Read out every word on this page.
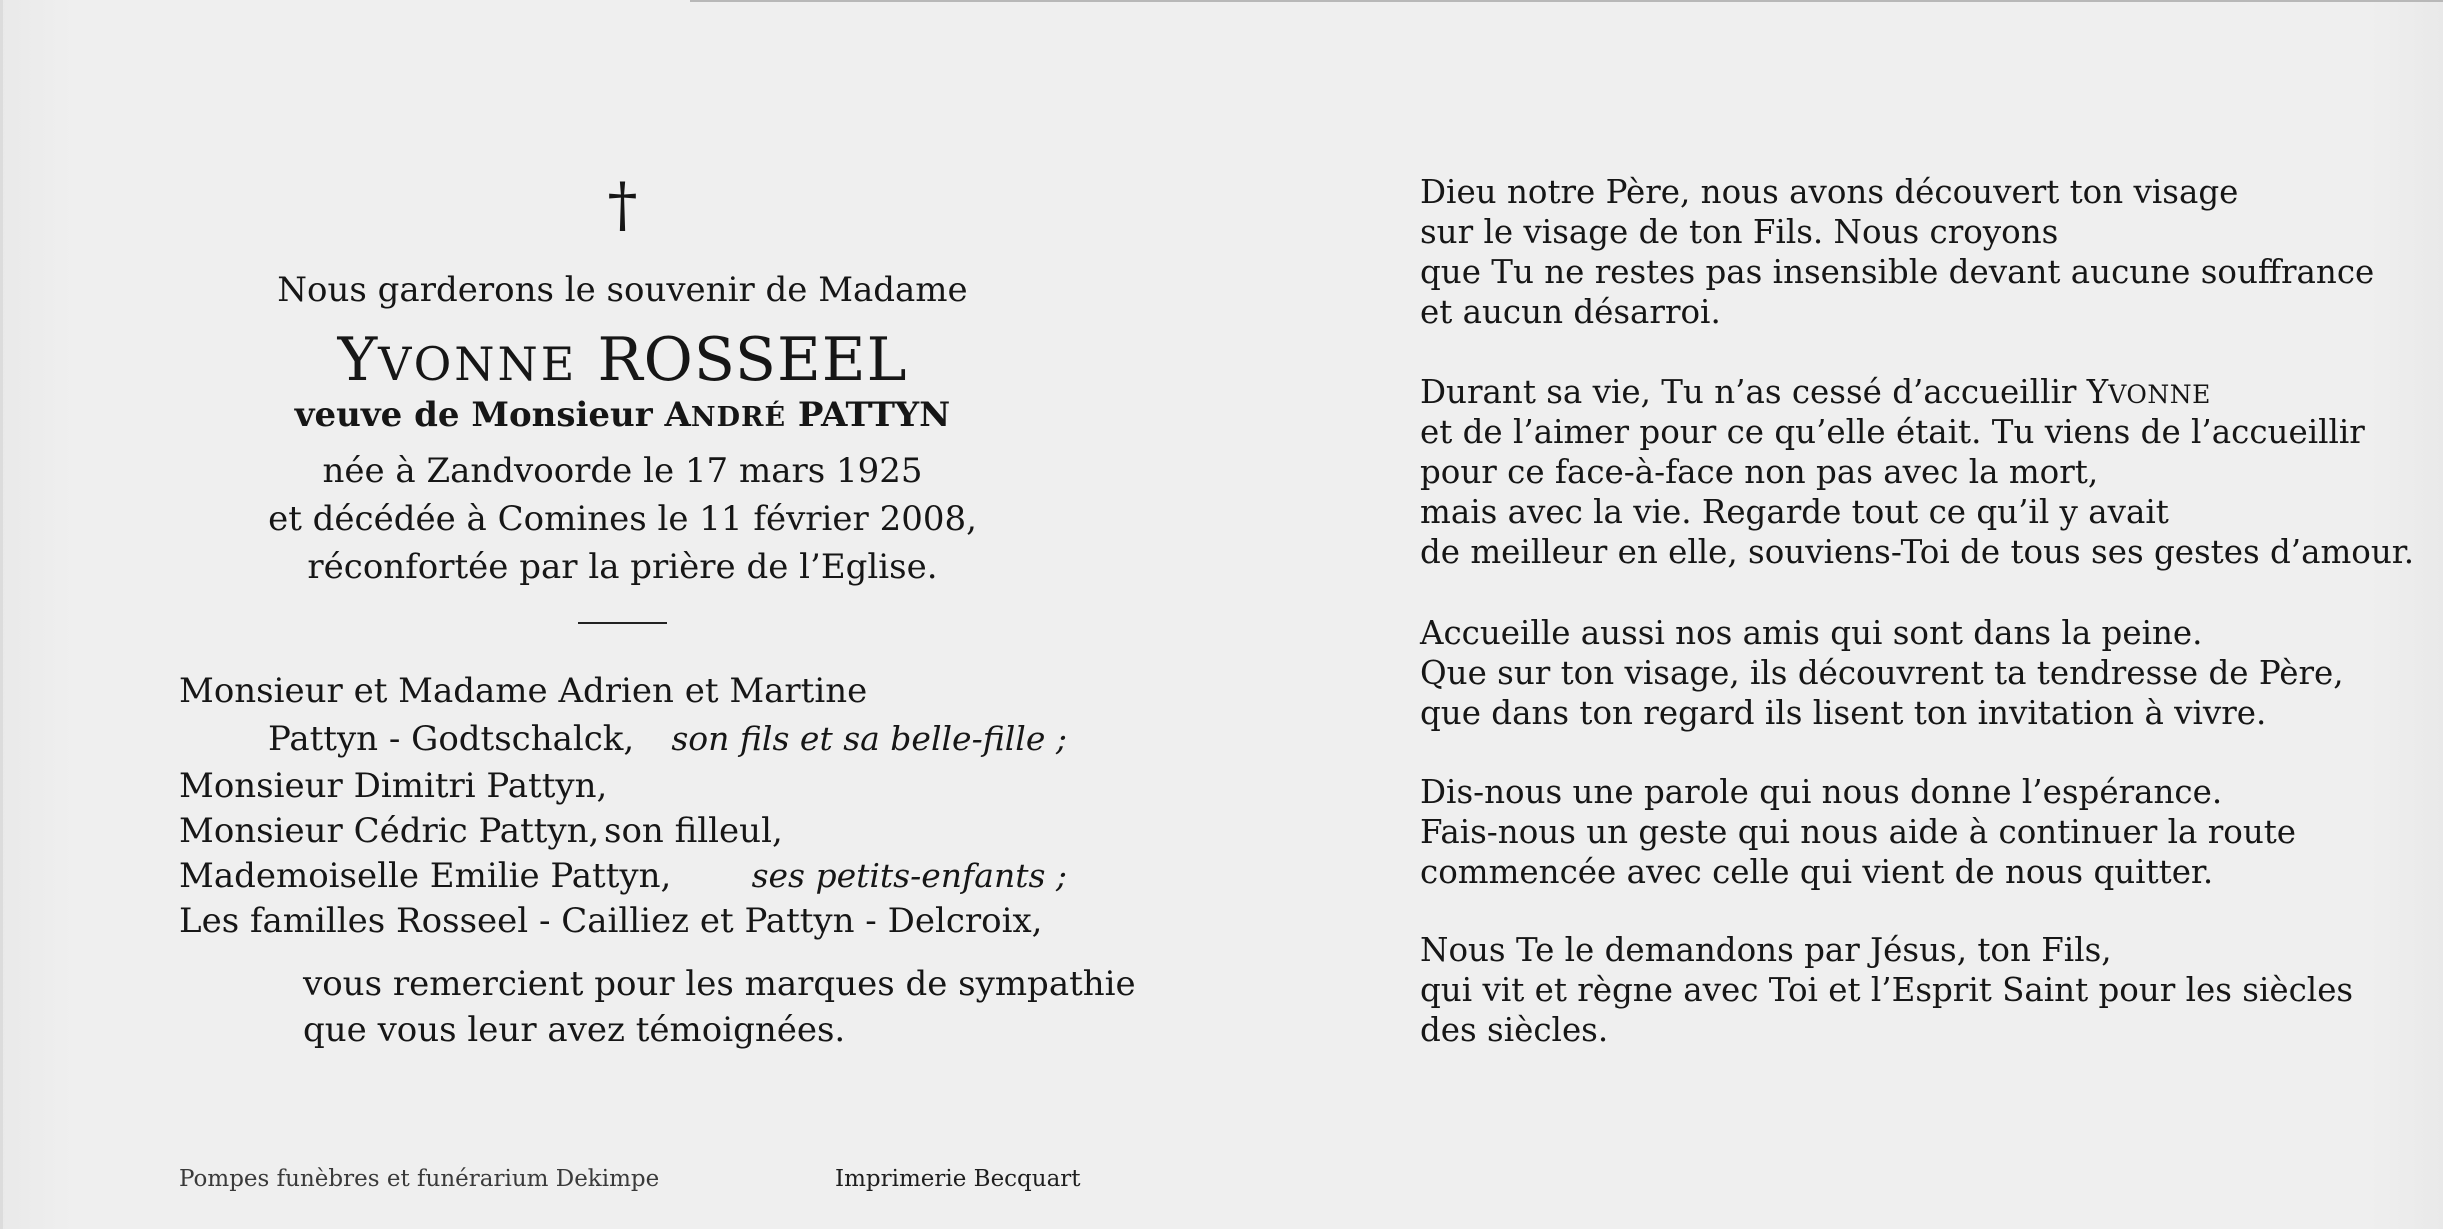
†
Nous garderons le souvenir de Madame
YVONNE ROSSEEL
veuve de Monsieur ANDRÉ PATTYN
née à Zandvoorde le 17 mars 1925
et décédée à Comines le 11 février 2008,
réconfortée par la prière de l’Eglise.
Monsieur et Madame Adrien et Martine
Pattyn - Godtschalck, son fils et sa belle-fille ;
Monsieur Dimitri Pattyn,
Monsieur Cédric Pattyn, son filleul,
Mademoiselle Emilie Pattyn, ses petits-enfants ;
Les familles Rosseel - Cailliez et Pattyn - Delcroix,
vous remercient pour les marques de sympathie
que vous leur avez témoignées.
Pompes funèbres et funérarium Dekimpe	Imprimerie Becquart
Dieu notre Père, nous avons découvert ton visage
sur le visage de ton Fils. Nous croyons
que Tu ne restes pas insensible devant aucune souffrance
et aucun désarroi.
Durant sa vie, Tu n’as cessé d’accueillir YVONNE
et de l’aimer pour ce qu’elle était. Tu viens de l’accueillir
pour ce face-à-face non pas avec la mort,
mais avec la vie. Regarde tout ce qu’il y avait
de meilleur en elle, souviens-Toi de tous ses gestes d’amour.
Accueille aussi nos amis qui sont dans la peine.
Que sur ton visage, ils découvrent ta tendresse de Père,
que dans ton regard ils lisent ton invitation à vivre.
Dis-nous une parole qui nous donne l’espérance.
Fais-nous un geste qui nous aide à continuer la route
commencée avec celle qui vient de nous quitter.
Nous Te le demandons par Jésus, ton Fils,
qui vit et règne avec Toi et l’Esprit Saint pour les siècles
des siècles.
